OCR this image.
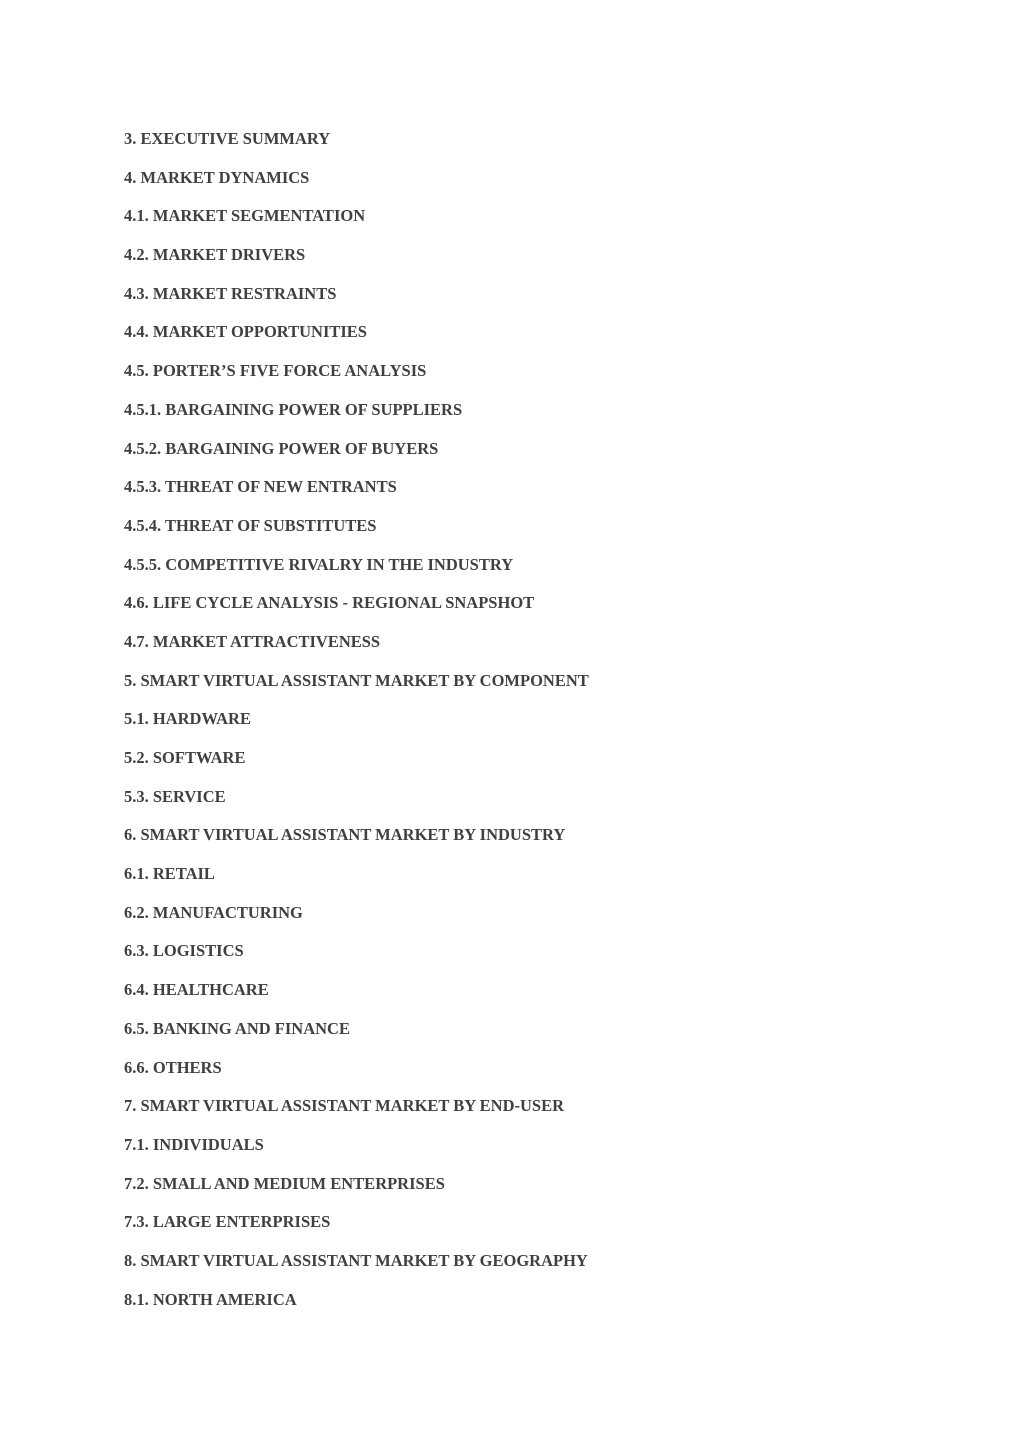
3. EXECUTIVE SUMMARY
4. MARKET DYNAMICS
4.1. MARKET SEGMENTATION
4.2. MARKET DRIVERS
4.3. MARKET RESTRAINTS
4.4. MARKET OPPORTUNITIES
4.5. PORTER’S FIVE FORCE ANALYSIS
4.5.1. BARGAINING POWER OF SUPPLIERS
4.5.2. BARGAINING POWER OF BUYERS
4.5.3. THREAT OF NEW ENTRANTS
4.5.4. THREAT OF SUBSTITUTES
4.5.5. COMPETITIVE RIVALRY IN THE INDUSTRY
4.6. LIFE CYCLE ANALYSIS - REGIONAL SNAPSHOT
4.7. MARKET ATTRACTIVENESS
5. SMART VIRTUAL ASSISTANT MARKET BY COMPONENT
5.1. HARDWARE
5.2. SOFTWARE
5.3. SERVICE
6. SMART VIRTUAL ASSISTANT MARKET BY INDUSTRY
6.1. RETAIL
6.2. MANUFACTURING
6.3. LOGISTICS
6.4. HEALTHCARE
6.5. BANKING AND FINANCE
6.6. OTHERS
7. SMART VIRTUAL ASSISTANT MARKET BY END-USER
7.1. INDIVIDUALS
7.2. SMALL AND MEDIUM ENTERPRISES
7.3. LARGE ENTERPRISES
8. SMART VIRTUAL ASSISTANT MARKET BY GEOGRAPHY
8.1. NORTH AMERICA
